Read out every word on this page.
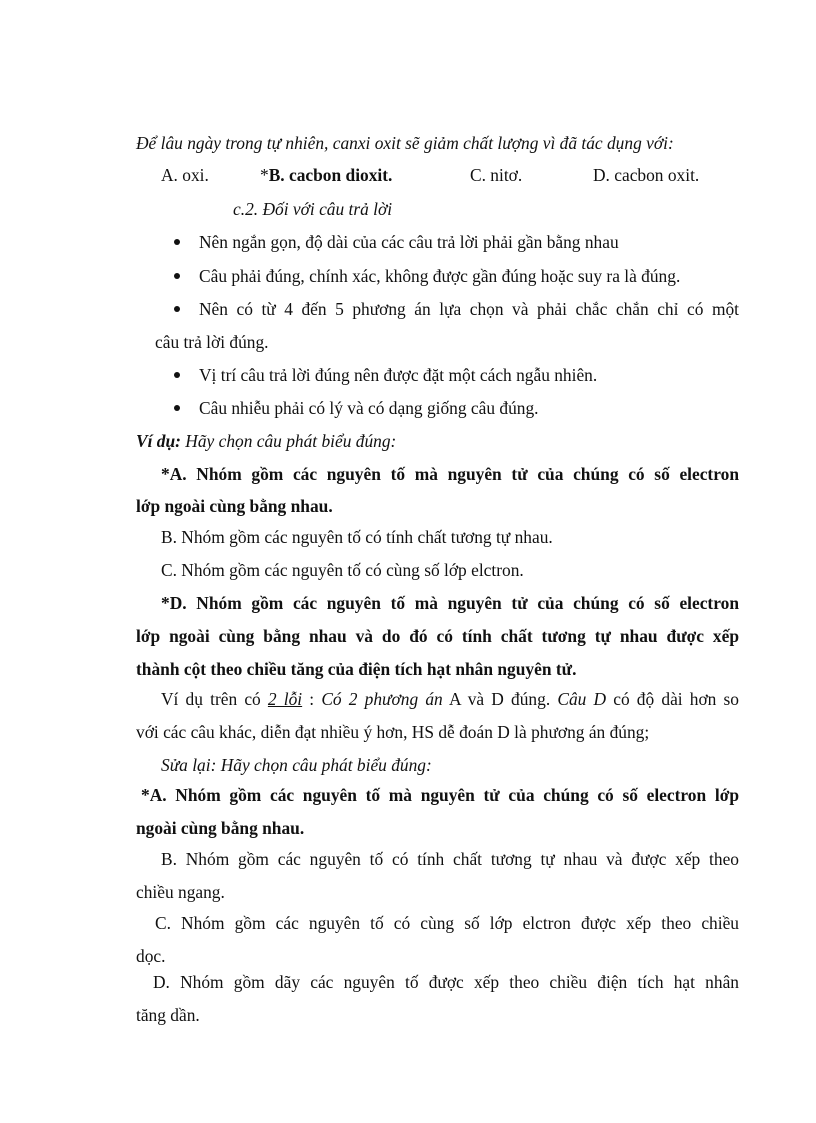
Để lâu ngày trong tự nhiên, canxi oxit sẽ giảm chất lượng vì đã tác dụng với:
A. oxi.	*B. cacbon dioxit.	C. nitơ.	D. cacbon oxit.
c.2. Đối với câu trả lời
Nên ngắn gọn, độ dài của các câu trả lời phải gần bằng nhau
Câu phải đúng, chính xác, không được gần đúng hoặc suy ra là đúng.
Nên có từ 4 đến 5 phương án lựa chọn và phải chắc chắn chỉ có một
câu trả lời đúng.
Vị trí câu trả lời đúng nên được đặt một cách ngẫu nhiên.
Câu nhiễu phải có lý và có dạng giống câu đúng.
Ví dụ: Hãy chọn câu phát biểu đúng:
*A. Nhóm gồm các nguyên tố mà nguyên tử của chúng có số electron
lớp ngoài cùng bằng nhau.
B. Nhóm gồm các nguyên tố có tính chất tương tự nhau.
C. Nhóm gồm các nguyên tố có cùng số lớp elctron.
*D. Nhóm gồm các nguyên tố mà nguyên tử của chúng có số electron
lớp ngoài cùng bằng nhau và do đó có tính chất tương tự nhau được xếp
thành cột theo chiều tăng của điện tích hạt nhân nguyên tử.
Ví dụ trên có 2 lỗi : Có 2 phương án A và D đúng. Câu D có độ dài hơn so
với các câu khác, diễn đạt nhiều ý hơn, HS dễ đoán D là phương án đúng;
Sửa lại: Hãy chọn câu phát biểu đúng:
*A. Nhóm gồm các nguyên tố mà nguyên tử của chúng có số electron lớp
ngoài cùng bằng nhau.
B. Nhóm gồm các nguyên tố có tính chất tương tự nhau và được xếp theo
chiều ngang.
C. Nhóm gồm các nguyên tố có cùng số lớp elctron được xếp theo chiều
dọc.
D. Nhóm gồm dãy các nguyên tố được xếp theo chiều điện tích hạt nhân
tăng dần.
